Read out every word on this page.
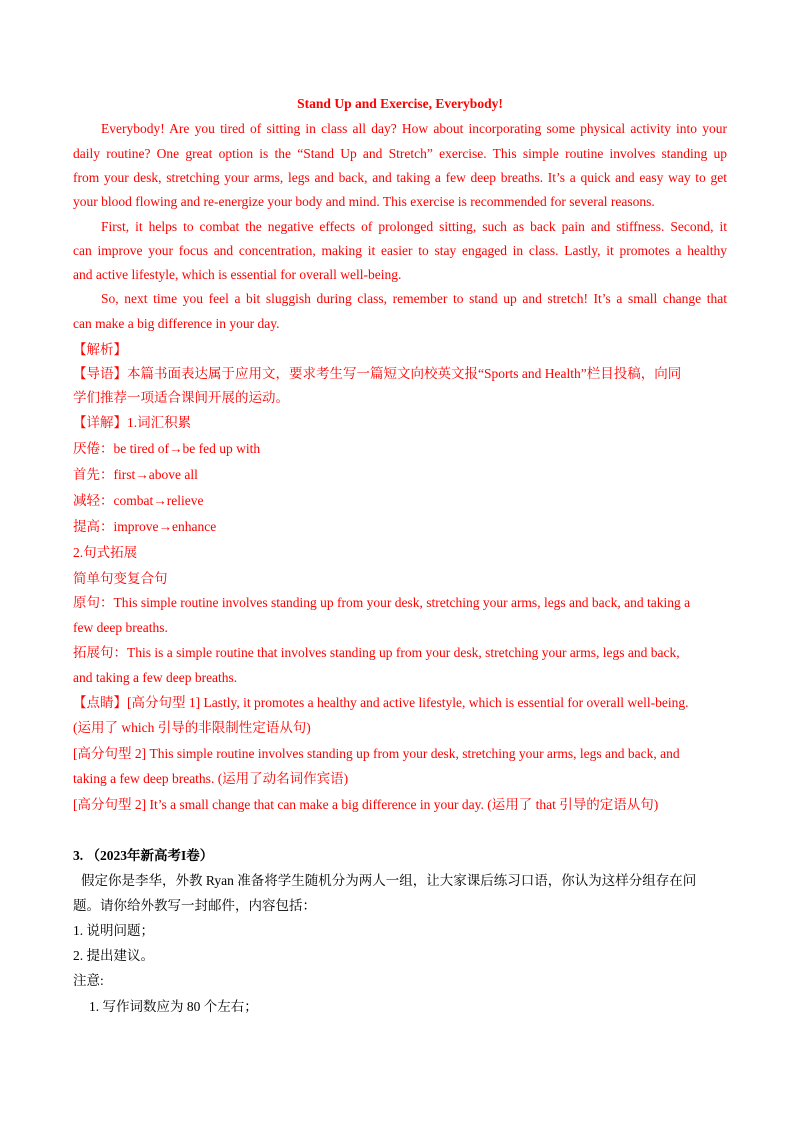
Stand Up and Exercise, Everybody!
Everybody! Are you tired of sitting in class all day? How about incorporating some physical activity into your
daily routine? One great option is the “Stand Up and Stretch” exercise. This simple routine involves standing up
from your desk, stretching your arms, legs and back, and taking a few deep breaths. It’s a quick and easy way to get
your blood flowing and re-energize your body and mind. This exercise is recommended for several reasons.
First, it helps to combat the negative effects of prolonged sitting, such as back pain and stiffness. Second, it
can improve your focus and concentration, making it easier to stay engaged in class. Lastly, it promotes a healthy
and active lifestyle, which is essential for overall well-being.
So, next time you feel a bit sluggish during class, remember to stand up and stretch! It’s a small change that
can make a big difference in your day.
【解析】
【导语】本篇书面表达属于应用文，要求考生写一篇短文向校英文报“Sports and Health”栏目投稿，向同
学们推荐一项适合课间开展的运动。
【详解】1.词汇积累
厌倦：be tired of→be fed up with
首先：first→above all
减轻：combat→relieve
提高：improve→enhance
2.句式拓展
简单句变复合句
原句：This simple routine involves standing up from your desk, stretching your arms, legs and back, and taking a
few deep breaths.
拓展句：This is a simple routine that involves standing up from your desk, stretching your arms, legs and back,
and taking a few deep breaths.
【点睛】[高分句型 1] Lastly, it promotes a healthy and active lifestyle, which is essential for overall well-being.
(运用了 which 引导的非限制性定语从句)
[高分句型 2] This simple routine involves standing up from your desk, stretching your arms, legs and back, and
taking a few deep breaths. (运用了动名词作宾语)
[高分句型 2] It’s a small change that can make a big difference in your day. (运用了 that 引导的定语从句)
3. （2023年新高考I卷）
假定你是李华，外教 Ryan 准备将学生随机分为两人一组，让大家课后练习口语，你认为这样分组存在问
题。请你给外教写一封邮件，内容包括：
1. 说明问题；
2. 提出建议。
注意:
1. 写作词数应为 80 个左右；
